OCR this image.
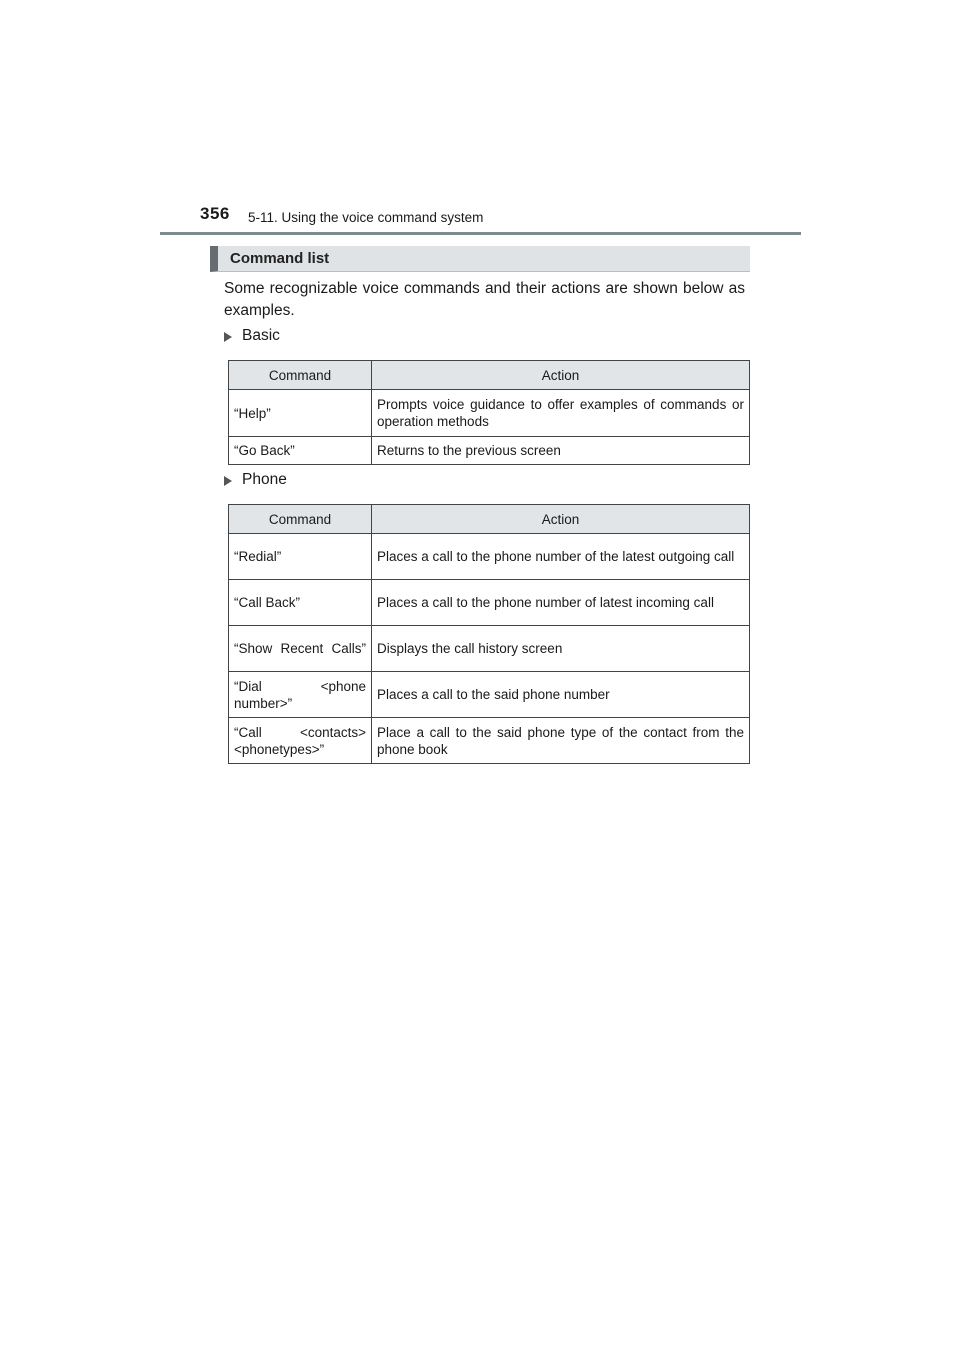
356 5-11. Using the voice command system
Command list

Some recognizable voice commands and their actions are shown below as examples.

Basic
Command	Action
“Help”	Prompts voice guidance to offer examples of commands or operation methods
“Go Back”	Returns to the previous screen
Phone
Command	Action
“Redial”	Places a call to the phone number of the latest outgoing call
“Call Back”	Places a call to the phone number of latest incoming call
“Show Recent Calls”	Displays the call history screen
“Dial <phone number>”	Places a call to the said phone number
“Call <contacts> <phonetypes>”	Place a call to the said phone type of the contact from the phone book
